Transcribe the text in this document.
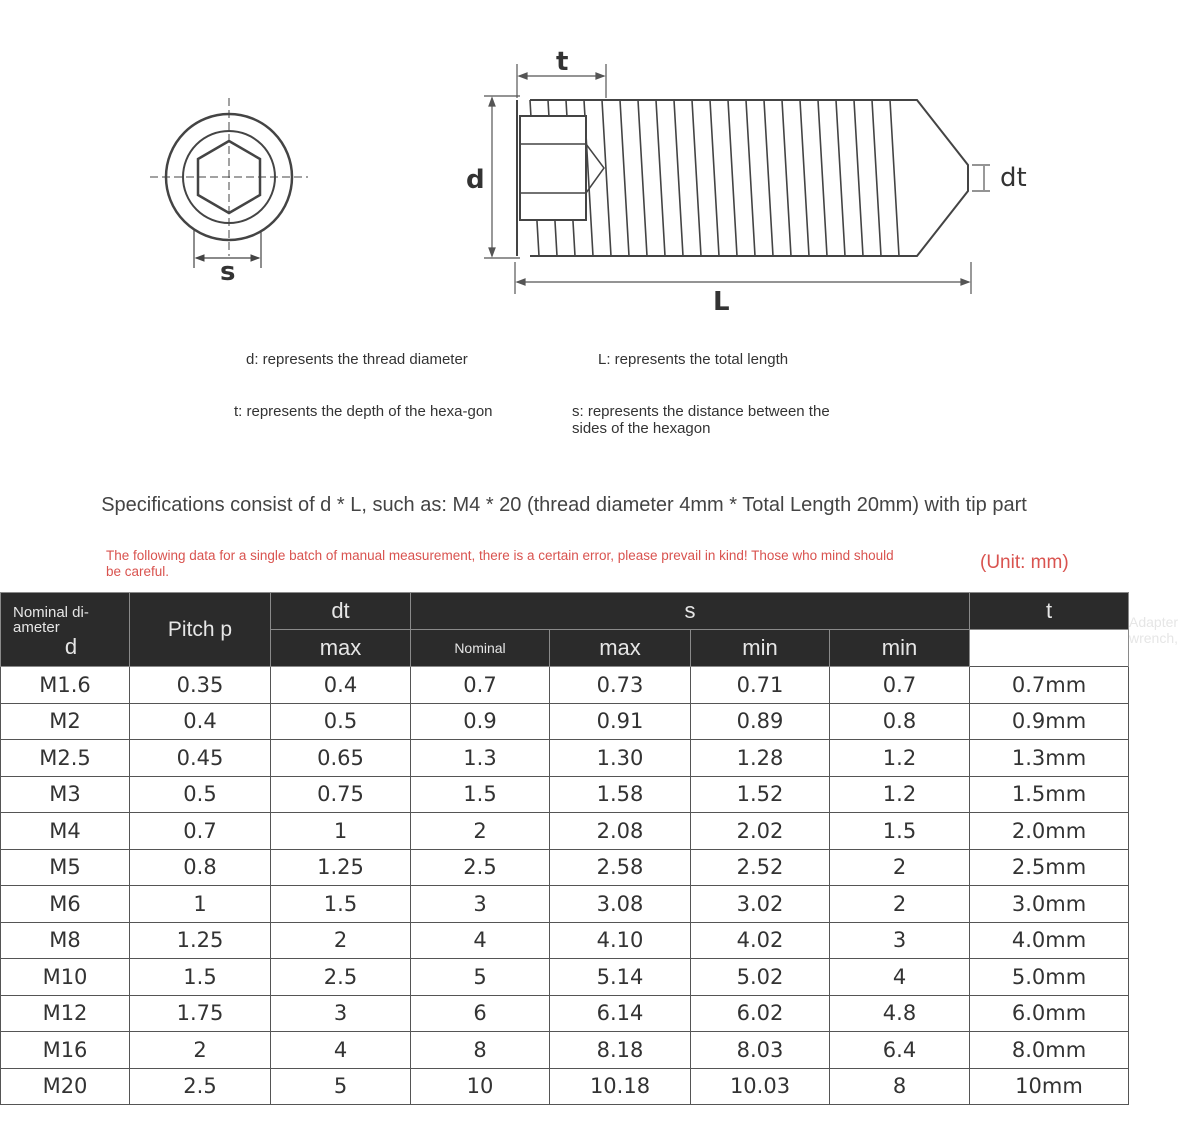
s
t
d	dt
L
d: represents the thread diameter	L: represents the total length
t: represents the depth of the hexa-gon	s: represents the distance between the sides of the hexagon
Specifications consist of d * L, such as: M4 * 20 (thread diameter 4mm * Total Length 20mm) with tip part
The following data for a single batch of manual measurement, there is a certain error, please prevail in kind! Those who mind should be careful.	(Unit: mm)
Nominal di-ameter
d	Pitch p	dt	s				t	Adapter wrench,
		max	Nominal	max	min	min		
M1.6	0.35	0.4	0.7	0.73	0.71	0.7	0.7mm	
M2	0.4	0.5	0.9	0.91	0.89	0.8	0.9mm	
M2.5	0.45	0.65	1.3	1.30	1.28	1.2	1.3mm	
M3	0.5	0.75	1.5	1.58	1.52	1.2	1.5mm	
M4	0.7	1	2	2.08	2.02	1.5	2.0mm	
M5	0.8	1.25	2.5	2.58	2.52	2	2.5mm	
M6	1	1.5	3	3.08	3.02	2	3.0mm	
M8	1.25	2	4	4.10	4.02	3	4.0mm	
M10	1.5	2.5	5	5.14	5.02	4	5.0mm	
M12	1.75	3	6	6.14	6.02	4.8	6.0mm	
M16	2	4	8	8.18	8.03	6.4	8.0mm	
M20	2.5	5	10	10.18	10.03	8	10mm	
